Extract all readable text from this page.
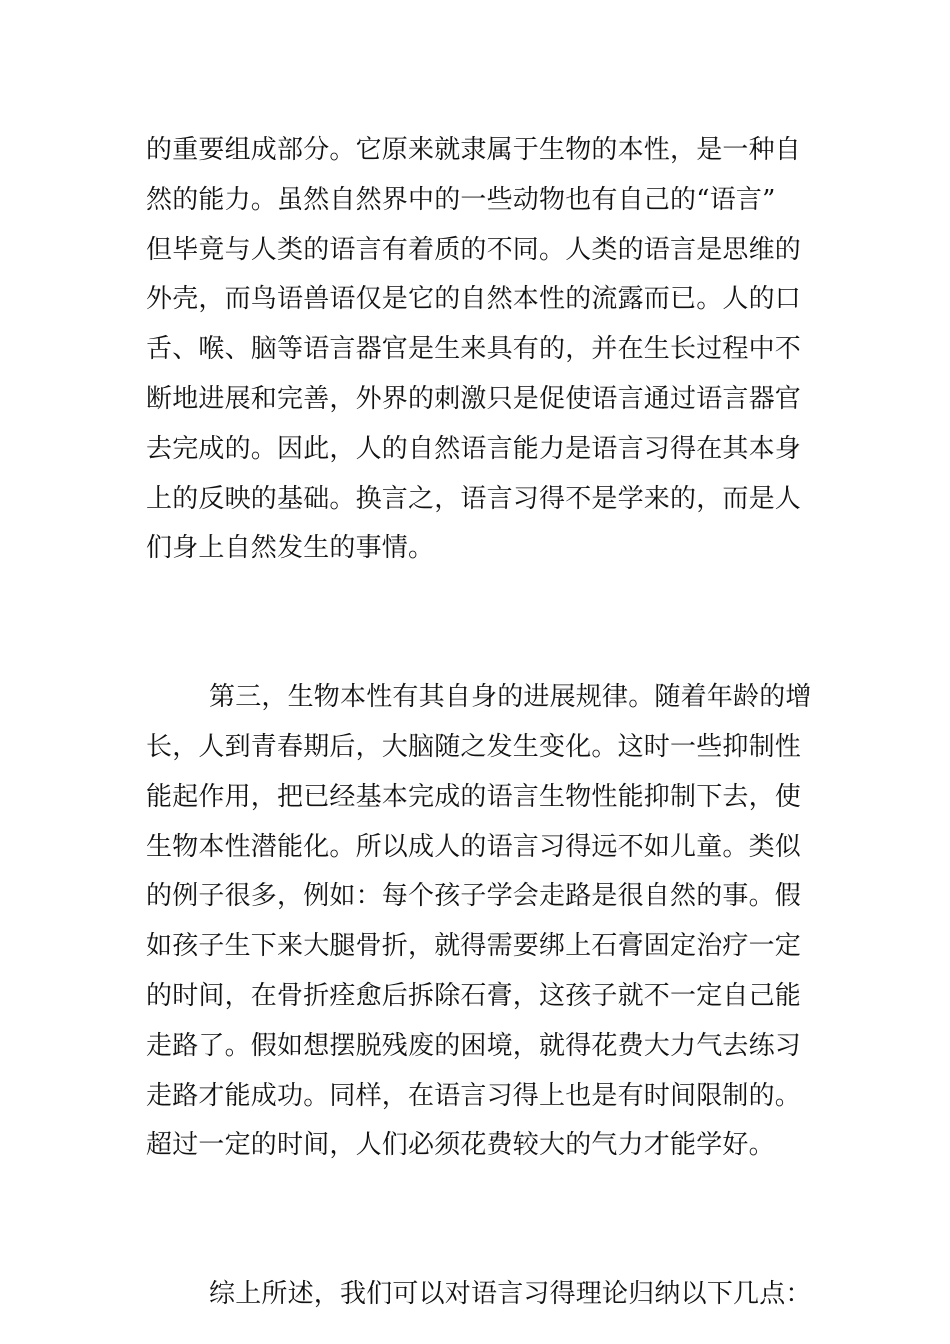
的重要组成部分。它原来就隶属于生物的本性，是一种自
然的能力。虽然自然界中的一些动物也有自己的“语言”
但毕竟与人类的语言有着质的不同。人类的语言是思维的
外壳，而鸟语兽语仅是它的自然本性的流露而已。人的口
舌、喉、脑等语言器官是生来具有的，并在生长过程中不
断地进展和完善，外界的刺激只是促使语言通过语言器官
去完成的。因此，人的自然语言能力是语言习得在其本身
上的反映的基础。换言之，语言习得不是学来的，而是人
们身上自然发生的事情。

第三，生物本性有其自身的进展规律。随着年龄的增
长，人到青春期后，大脑随之发生变化。这时一些抑制性
能起作用，把已经基本完成的语言生物性能抑制下去，使
生物本性潜能化。所以成人的语言习得远不如儿童。类似
的例子很多，例如：每个孩子学会走路是很自然的事。假
如孩子生下来大腿骨折，就得需要绑上石膏固定治疗一定
的时间，在骨折痊愈后拆除石膏，这孩子就不一定自己能
走路了。假如想摆脱残废的困境，就得花费大力气去练习
走路才能成功。同样，在语言习得上也是有时间限制的。
超过一定的时间，人们必须花费较大的气力才能学好。

综上所述，我们可以对语言习得理论归纳以下几点：
